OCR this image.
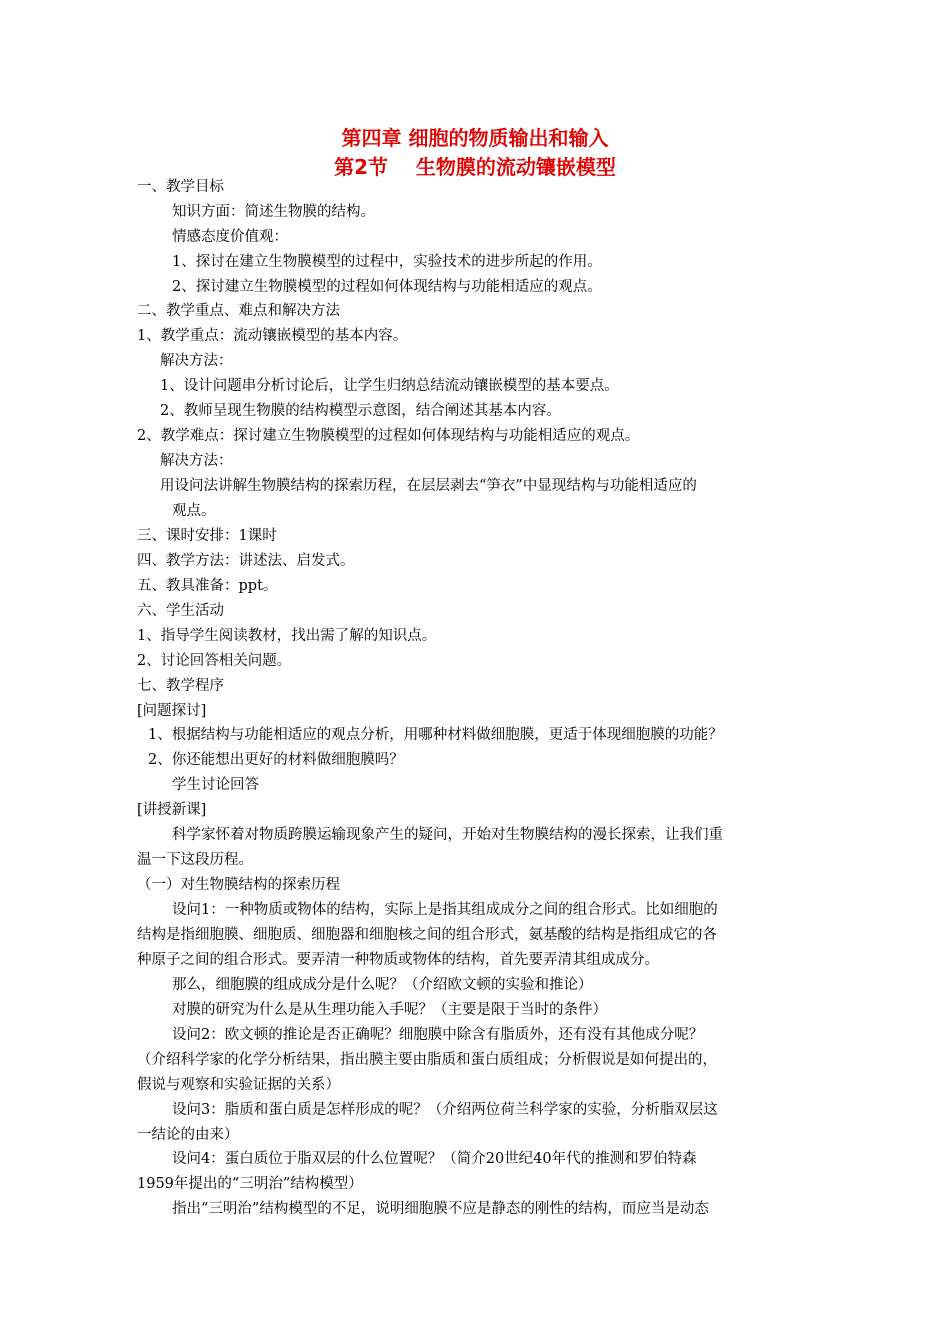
第四章 细胞的物质输出和输入
第2节    生物膜的流动镶嵌模型
一、教学目标
知识方面：简述生物膜的结构。
情感态度价值观：
1、探讨在建立生物膜模型的过程中，实验技术的进步所起的作用。
2、探讨建立生物膜模型的过程如何体现结构与功能相适应的观点。
二、教学重点、难点和解决方法
1、教学重点：流动镶嵌模型的基本内容。
解决方法：
1、设计问题串分析讨论后，让学生归纳总结流动镶嵌模型的基本要点。
2、教师呈现生物膜的结构模型示意图，结合阐述其基本内容。
2、教学难点：探讨建立生物膜模型的过程如何体现结构与功能相适应的观点。
解决方法：
用设问法讲解生物膜结构的探索历程，在层层剥去“笋衣”中显现结构与功能相适应的
观点。
三、课时安排：1课时
四、教学方法：讲述法、启发式。
五、教具准备：ppt。
六、学生活动
1、指导学生阅读教材，找出需了解的知识点。
2、讨论回答相关问题。
七、教学程序
[问题探讨]
1、根据结构与功能相适应的观点分析，用哪种材料做细胞膜，更适于体现细胞膜的功能？
2、你还能想出更好的材料做细胞膜吗？
学生讨论回答
[讲授新课]
科学家怀着对物质跨膜运输现象产生的疑问，开始对生物膜结构的漫长探索，让我们重
温一下这段历程。
（一）对生物膜结构的探索历程
设问1：一种物质或物体的结构，实际上是指其组成成分之间的组合形式。比如细胞的
结构是指细胞膜、细胞质、细胞器和细胞核之间的组合形式，氨基酸的结构是指组成它的各
种原子之间的组合形式。要弄清一种物质或物体的结构，首先要弄清其组成成分。
那么，细胞膜的组成成分是什么呢？（介绍欧文顿的实验和推论）
对膜的研究为什么是从生理功能入手呢？（主要是限于当时的条件）
设问2：欧文顿的推论是否正确呢？细胞膜中除含有脂质外，还有没有其他成分呢？
（介绍科学家的化学分析结果，指出膜主要由脂质和蛋白质组成；分析假说是如何提出的，
假说与观察和实验证据的关系）
设问3：脂质和蛋白质是怎样形成的呢？（介绍两位荷兰科学家的实验，分析脂双层这
一结论的由来）
设问4：蛋白质位于脂双层的什么位置呢？（简介20世纪40年代的推测和罗伯特森
1959年提出的“三明治”结构模型）
指出“三明治”结构模型的不足，说明细胞膜不应是静态的刚性的结构，而应当是动态
